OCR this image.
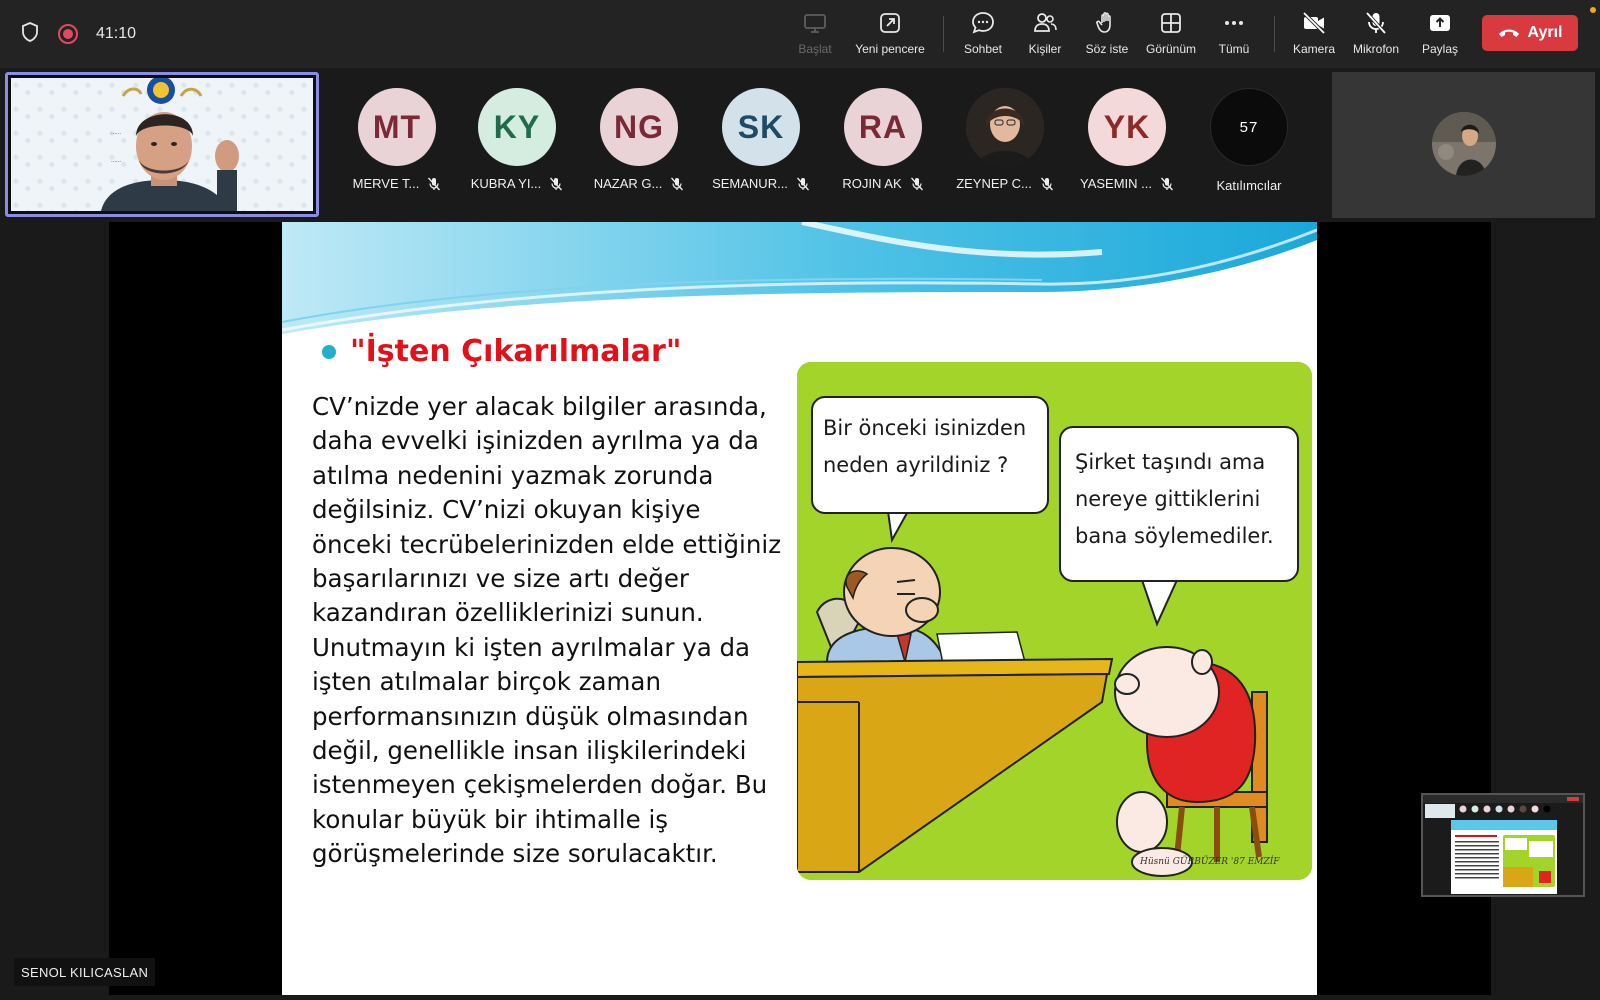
41:10
Başlat Yeni pencere	Sohbet Kişiler Söz iste Görünüm Tümü	Kamera Mikrofon Paylaş
Ayrıl
......
......
MT
MERVE T...
KY
KUBRA YI...
NG
NAZAR G...
SK
SEMANUR...
RA
ROJIN AK	ZEYNEP C...
YK
YASEMIN ...
57
Katılımcılar
"İşten Çıkarılmalar"
CV’nizde yer alacak bilgiler arasında, daha evvelki işinizden ayrılma ya da atılma nedenini yazmak zorunda değilsiniz. CV’nizi okuyan kişiye önceki tecrübelerinizden elde ettiğiniz başarılarınızı ve size artı değer kazandıran özelliklerinizi sunun. Unutmayın ki işten ayrılmalar ya da işten atılmalar birçok zaman performansınızın düşük olmasından değil, genellikle insan ilişkilerindeki istenmeyen çekişmelerden doğar. Bu konular büyük bir ihtimalle iş görüşmelerinde size sorulacaktır.
Bir önceki isinizden neden ayrildiniz ?	Şirket taşındı ama nereye gittiklerini bana söylemediler.
Hüsnü GÜRBÜZER '87 EMZİF
SENOL KILICASLAN
